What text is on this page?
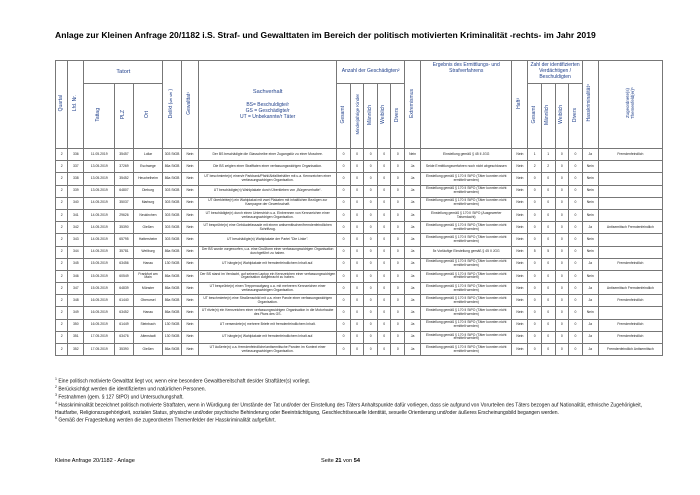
Anlage zur Kleinen Anfrage 20/1182 i.S. Straf- und Gewalttaten im Bereich der politisch motivierten Kriminalität -rechts- im Jahr 2019
Quartal	Lfd. Nr.	Tatort			Delikt (§§)	Gewalttat¹	Sachverhalt
BS= Beschuldigte/r
GS = Geschädigte/r
UT = Unbekannte/r Täter	Anzahl der Geschädigten²					Extremismus	Ergebnis des Ermittlungs- und Strafverfahrens	Haft³	Zahl der identifizierten Verdächtigen / Beschuldigten				Hasskriminalität⁴	Zugeordnete(s) Themenfeld(er)⁵
		Tattag	PLZ	Ort				Gesamt	Minderjährige Kinder	Männlich	Weiblich	Divers				Gesamt	Männlich	Weiblich	Divers		
2	336	11.05.2019	35457	Lollar	303 StGB	Nein	Der BS beschädigte die Glasscheibe einer Zugangstür zu einer Moschee.	0	0	0	0	0	Nein	Einstellung gemäß § 45 II JGG	Nein	1	1	0	0	Ja	Fremdenfeindlich
2	337	13.05.2019	37269	Eschwege	86a StGB	Nein	Die BS zeigten einer Strafftaten einer verfassungswidrigen Organisation.	0	0	0	0	0	Ja	Seide Ermittlungsverfahren noch nicht abgeschlossen	Nein	2	2	0	0	Nein	
2	338	13.05.2019	35452	Heuchelheim	86a StGB	Nein	UT beschmierte(n) einen/e Parkbank/Pfahl/Abfallbehälter mit u.a. Kennzeichen einer verfassungswidrigen Organisation.	0	0	0	0	0	Ja	Einstellung gemäß § 170 II StPO (Täter konnten nicht ermittelt werden)	Nein	0	0	0	0	Nein	
2	339	13.05.2019	64807	Dieburg	303 StGB	Nein	UT beschädigte(n) Wahlplakate durch Überkleben von „Bürgerverhalte“.	0	0	0	0	0	Ja	Einstellung gemäß § 170 II StPO (Täter konnten nicht ermittelt werden)	Nein	0	0	0	0	Nein	
2	340	14.05.2019	35037	Marburg	303 StGB	Nein	UT überklebte(n) ein Wahlplakat mit zwei Plakaten mit inhaltlichen Bezügen zur Kampagne der Gewerkschaft.	0	0	0	0	0	Ja	Einstellung gemäß § 170 II StPO (Täter konnten nicht ermittelt werden)	Nein	0	0	0	0	Nein	
2	341	14.05.2019	29626	Neukirchen	303 StGB	Nein	UT beschädigte(n) durch einen Unterstrich u.a. Einbrennen von Kennzeichen einer verfassungswidrigen Organisation.	0	0	0	0	0	Ja	Einstellung gemäß § 170 II StPO (Ausgewerter Tatverdacht)	Nein	0	0	0	0	Nein	
2	342	14.05.2019	35390	Gießen	303 StGB	Nein	UT besprühte(n) eine Gebäudefassade mit einem antisemitischen/fremdenfeindlichen Schriftzug.	0	0	0	0	0	Ja	Einstellung gemäß § 170 II StPO (Täter konnten nicht ermittelt werden)	Nein	0	0	0	0	Ja	Antisemitisch Fremdenfeindlich
2	343	14.05.2019	65795	Hattersheim	303 StGB	Nein	UT beschädigte(n) Wahlplakate der Partei "Die Linke".	0	0	0	0	0	Ja	Einstellung gemäß § 170 II StPO (Täter konnten nicht ermittelt werden)	Nein	0	0	0	0	Nein	
2	344	14.05.2019	35781	Weilburg	86a StGB	Nein	Der BS wurde vorgeworfen, u.a. eine Grußform einer verfassungswidrigen Organisation durchgeführt zu haben.	0	0	0	0	0	Ja	5x Vorläufige Einstellung gemäß § 45 II JGG	Nein	5	5	0	0	Nein	
2	345	15.05.2019	63456	Hanau	130 StGB	Nein	UT hängte(n) Wahlplakate mit fremdenfeindlichem Inhalt auf.	0	0	0	0	0	Ja	Einstellung gemäß § 170 II StPO (Täter konnten nicht ermittelt werden)	Nein	0	0	0	0	Ja	Fremdenfeindlich
2	346	15.05.2019	60549	Frankfurt am Main	86a StGB	Nein	Der BS stand im Verdacht, auf seinem Laptop ein Kennzeichen einer verfassungswidrigen Organisation aufgebracht zu haben.	0	0	0	0	0	Ja	Einstellung gemäß § 170 II StPO (Täter konnten nicht ermittelt werden)	Nein	0	0	0	0	Nein	
2	347	15.05.2019	64839	Münster	86a StGB	Nein	UT besprühte(n) einen Treppenaufgang u.a. mit mehreren Kennzeichen einer verfassungswidrigen Organisation.	0	0	0	0	0	Ja	Einstellung gemäß § 170 II StPO (Täter konnten nicht ermittelt werden)	Nein	0	0	0	0	Ja	Antisemitisch Fremdenfeindlich
2	348	16.05.2019	61440	Oberursel	86a StGB	Nein	UT beschmierte(n) eine Straßenschild mit u.a. einer Parole einer verfassungswidrigen Organisation.	0	0	0	0	0	Ja	Einstellung gemäß § 170 II StPO (Täter konnten nicht ermittelt werden)	Nein	0	0	0	0	Ja	Fremdenfeindlich
2	349	16.05.2019	63452	Hanau	86a StGB	Nein	UT ritzte(n) ein Kennzeichen einer verfassungswidrigen Organisation in die Motorhaube des Pkws des GS.	0	0	0	0	0	Ja	Einstellung gemäß § 170 II StPO (Täter konnten nicht ermittelt werden)	Nein	0	0	0	0	Nein	
2	350	16.05.2019	61449	Steinbach	130 StGB	Nein	UT versendete(n) mehrere Briefe mit fremdenfeindlichem Inhalt.	0	0	0	0	0	Ja	Einstellung gemäß § 170 II StPO (Täter konnten nicht ermittelt werden)	Nein	0	0	0	0	Ja	Fremdenfeindlich
2	351	17.05.2019	63476	Altenstadt	130 StGB	Nein	UT hängte(n) Wahlplakate mit fremdenfeindlichem Inhalt auf.	0	0	0	0	0	Ja	Einstellung gemäß § 170 II StPO (Täter konnten nicht ermittelt werden)	Nein	0	0	0	0	Ja	Fremdenfeindlich
2	352	17.05.2019	35390	Gießen	86a StGB	Nein	UT äußerte(n) u.a. fremdenfeindliche/antisemitische Parolen im Kontext einer verfassungswidrigen Organisation.	0	0	0	0	0	Ja	Einstellung gemäß § 170 II StPO (Täter konnten nicht ermittelt werden)	Nein	0	0	0	0	Ja	Fremdenfeindlich Antisemitisch
$^1$ Eine politisch motivierte Gewalttat liegt vor, wenn eine besondere Gewaltbereitschaft des/der Straftäter(s) vorliegt.
$^2$ Berücksichtigt werden die identifizierten und natürlichen Personen.
$^3$ Festnahmen (gem. § 127 StPO) und Untersuchungshaft.
$^4$ Hasskriminalität bezeichnet politisch motivierte Straftaten, wenn in Würdigung der Umstände der Tat und/oder der Einstellung des Täters Anhaltspunkte dafür vorliegen, dass sie aufgrund von Vorurteilen des Täters bezogen auf Nationalität, ethnische Zugehörigkeit, Hautfarbe, Religionszugehörigkeit, sozialen Status, physische und/oder psychische Behinderung oder Beeinträchtigung, Geschlecht/sexuelle Identität, sexuelle Orientierung und/oder äußeres Erscheinungsbild begangen werden.
$^5$ Gemäß der Fragestellung werden die zugeordneten Themenfelder der Hasskriminalität aufgeführt.
Kleine Anfrage 20/1182 - Anlage	Seite 21 von 54
